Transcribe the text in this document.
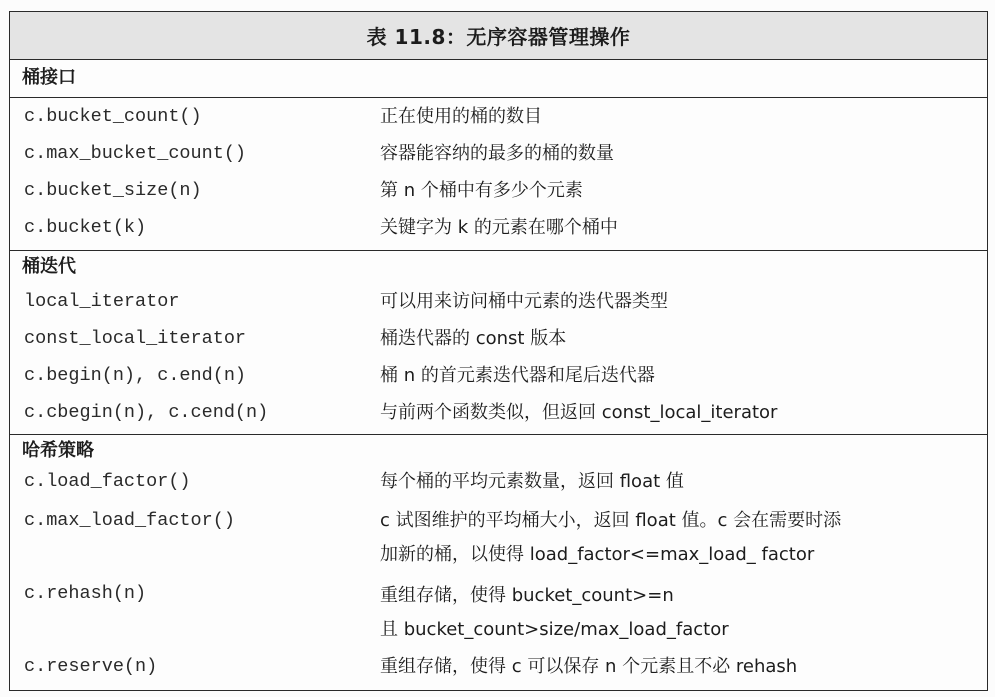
表 11.8：无序容器管理操作
桶接口
c.bucket_count()	正在使用的桶的数目
c.max_bucket_count()	容器能容纳的最多的桶的数量
c.bucket_size(n)	第 n 个桶中有多少个元素
c.bucket(k)	关键字为 k 的元素在哪个桶中
桶迭代
local_iterator	可以用来访问桶中元素的迭代器类型
const_local_iterator	桶迭代器的 const 版本
c.begin(n), c.end(n)	桶 n 的首元素迭代器和尾后迭代器
c.cbegin(n), c.cend(n)	与前两个函数类似，但返回 const_local_iterator
哈希策略
c.load_factor()	每个桶的平均元素数量，返回 float 值
c.max_load_factor()	c 试图维护的平均桶大小，返回 float 值。c 会在需要时添
加新的桶，以使得 load_factor<=max_load_ factor
c.rehash(n)	重组存储，使得 bucket_count>=n
且 bucket_count>size/max_load_factor
c.reserve(n)	重组存储，使得 c 可以保存 n 个元素且不必 rehash
